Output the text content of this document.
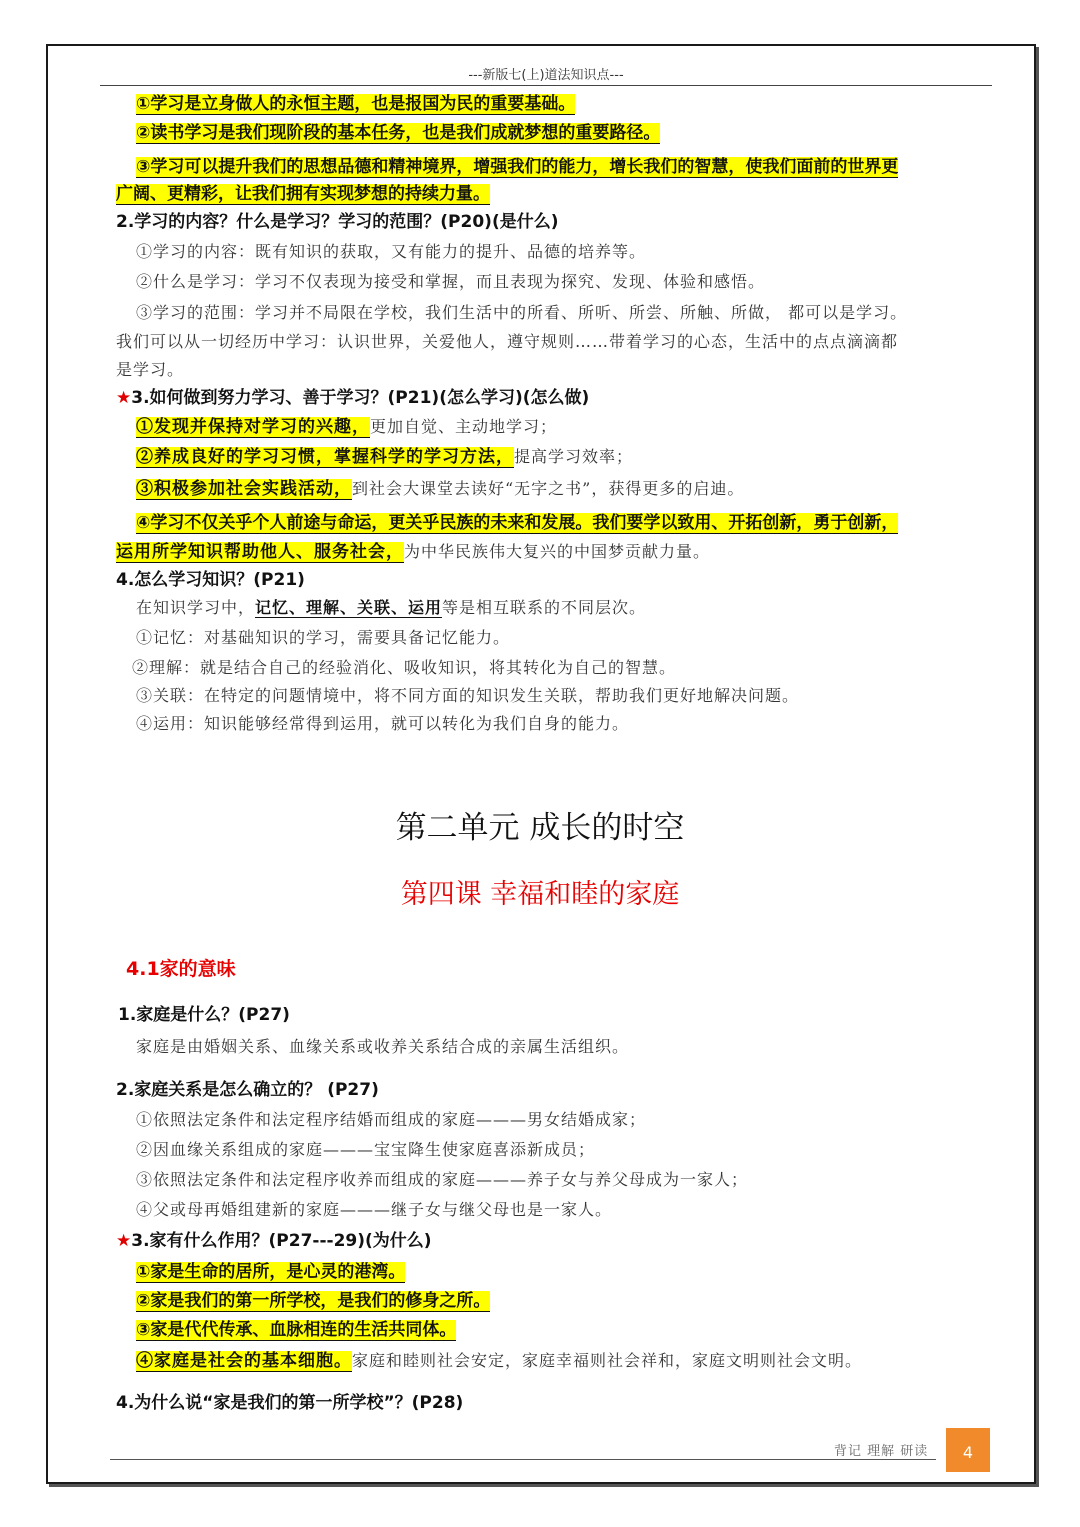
---新版七(上)道法知识点---
①学习是立身做人的永恒主题，也是报国为民的重要基础。
②读书学习是我们现阶段的基本任务，也是我们成就梦想的重要路径。
③学习可以提升我们的思想品德和精神境界，增强我们的能力，增长我们的智慧，使我们面前的世界更
广阔、更精彩，让我们拥有实现梦想的持续力量。
2.学习的内容？什么是学习？学习的范围？(P20)(是什么)
①学习的内容：既有知识的获取，又有能力的提升、品德的培养等。
②什么是学习：学习不仅表现为接受和掌握，而且表现为探究、发现、体验和感悟。
③学习的范围：学习并不局限在学校，我们生活中的所看、所听、所尝、所触、所做， 都可以是学习。
我们可以从一切经历中学习：认识世界，关爱他人，遵守规则……带着学习的心态，生活中的点点滴滴都
是学习。
★3.如何做到努力学习、善于学习？(P21)(怎么学习)(怎么做)
①发现并保持对学习的兴趣，更加自觉、主动地学习；
②养成良好的学习习惯，掌握科学的学习方法，提高学习效率；
③积极参加社会实践活动，到社会大课堂去读好“无字之书”，获得更多的启迪。
④学习不仅关乎个人前途与命运，更关乎民族的未来和发展。我们要学以致用、开拓创新，勇于创新，
运用所学知识帮助他人、服务社会，为中华民族伟大复兴的中国梦贡献力量。
4.怎么学习知识？(P21)
在知识学习中，记忆、理解、关联、运用等是相互联系的不同层次。
①记忆：对基础知识的学习，需要具备记忆能力。
②理解：就是结合自己的经验消化、吸收知识，将其转化为自己的智慧。
③关联：在特定的问题情境中，将不同方面的知识发生关联，帮助我们更好地解决问题。
④运用：知识能够经常得到运用，就可以转化为我们自身的能力。
第二单元 成长的时空
第四课 幸福和睦的家庭
4.1家的意味
1.家庭是什么？(P27)
家庭是由婚姻关系、血缘关系或收养关系结合成的亲属生活组织。
2.家庭关系是怎么确立的？ (P27)
①依照法定条件和法定程序结婚而组成的家庭———男女结婚成家；
②因血缘关系组成的家庭———宝宝降生使家庭喜添新成员；
③依照法定条件和法定程序收养而组成的家庭———养子女与养父母成为一家人；
④父或母再婚组建新的家庭———继子女与继父母也是一家人。
★3.家有什么作用？(P27---29)(为什么)
①家是生命的居所，是心灵的港湾。
②家是我们的第一所学校，是我们的修身之所。
③家是代代传承、血脉相连的生活共同体。
④家庭是社会的基本细胞。家庭和睦则社会安定，家庭幸福则社会祥和，家庭文明则社会文明。
4.为什么说“家是我们的第一所学校”？(P28)
背记 理解 研读	4
